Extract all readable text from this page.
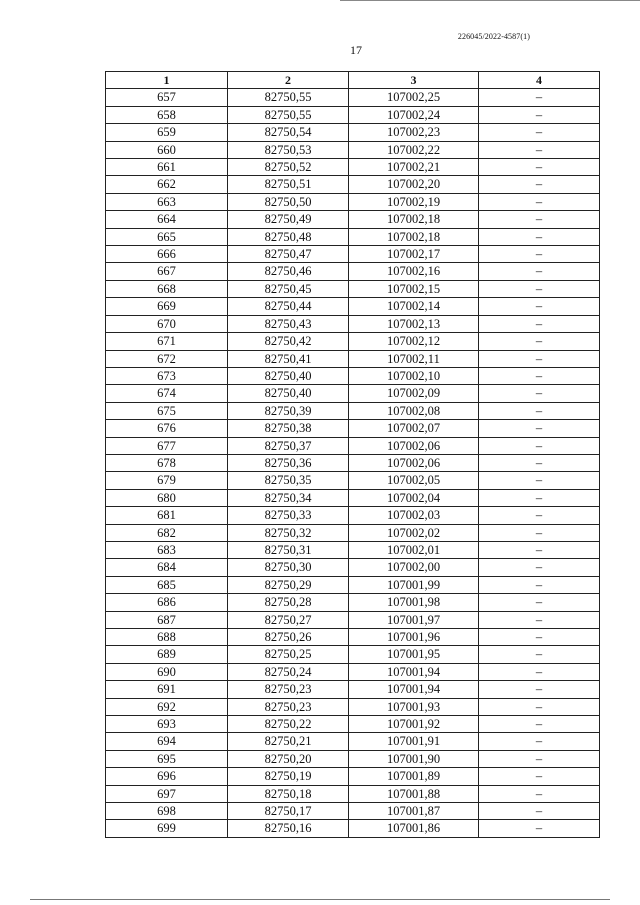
226045/2022-4587(1)
17
1	2	3	4
657	82750,55	107002,25	–
658	82750,55	107002,24	–
659	82750,54	107002,23	–
660	82750,53	107002,22	–
661	82750,52	107002,21	–
662	82750,51	107002,20	–
663	82750,50	107002,19	–
664	82750,49	107002,18	–
665	82750,48	107002,18	–
666	82750,47	107002,17	–
667	82750,46	107002,16	–
668	82750,45	107002,15	–
669	82750,44	107002,14	–
670	82750,43	107002,13	–
671	82750,42	107002,12	–
672	82750,41	107002,11	–
673	82750,40	107002,10	–
674	82750,40	107002,09	–
675	82750,39	107002,08	–
676	82750,38	107002,07	–
677	82750,37	107002,06	–
678	82750,36	107002,06	–
679	82750,35	107002,05	–
680	82750,34	107002,04	–
681	82750,33	107002,03	–
682	82750,32	107002,02	–
683	82750,31	107002,01	–
684	82750,30	107002,00	–
685	82750,29	107001,99	–
686	82750,28	107001,98	–
687	82750,27	107001,97	–
688	82750,26	107001,96	–
689	82750,25	107001,95	–
690	82750,24	107001,94	–
691	82750,23	107001,94	–
692	82750,23	107001,93	–
693	82750,22	107001,92	–
694	82750,21	107001,91	–
695	82750,20	107001,90	–
696	82750,19	107001,89	–
697	82750,18	107001,88	–
698	82750,17	107001,87	–
699	82750,16	107001,86	–
